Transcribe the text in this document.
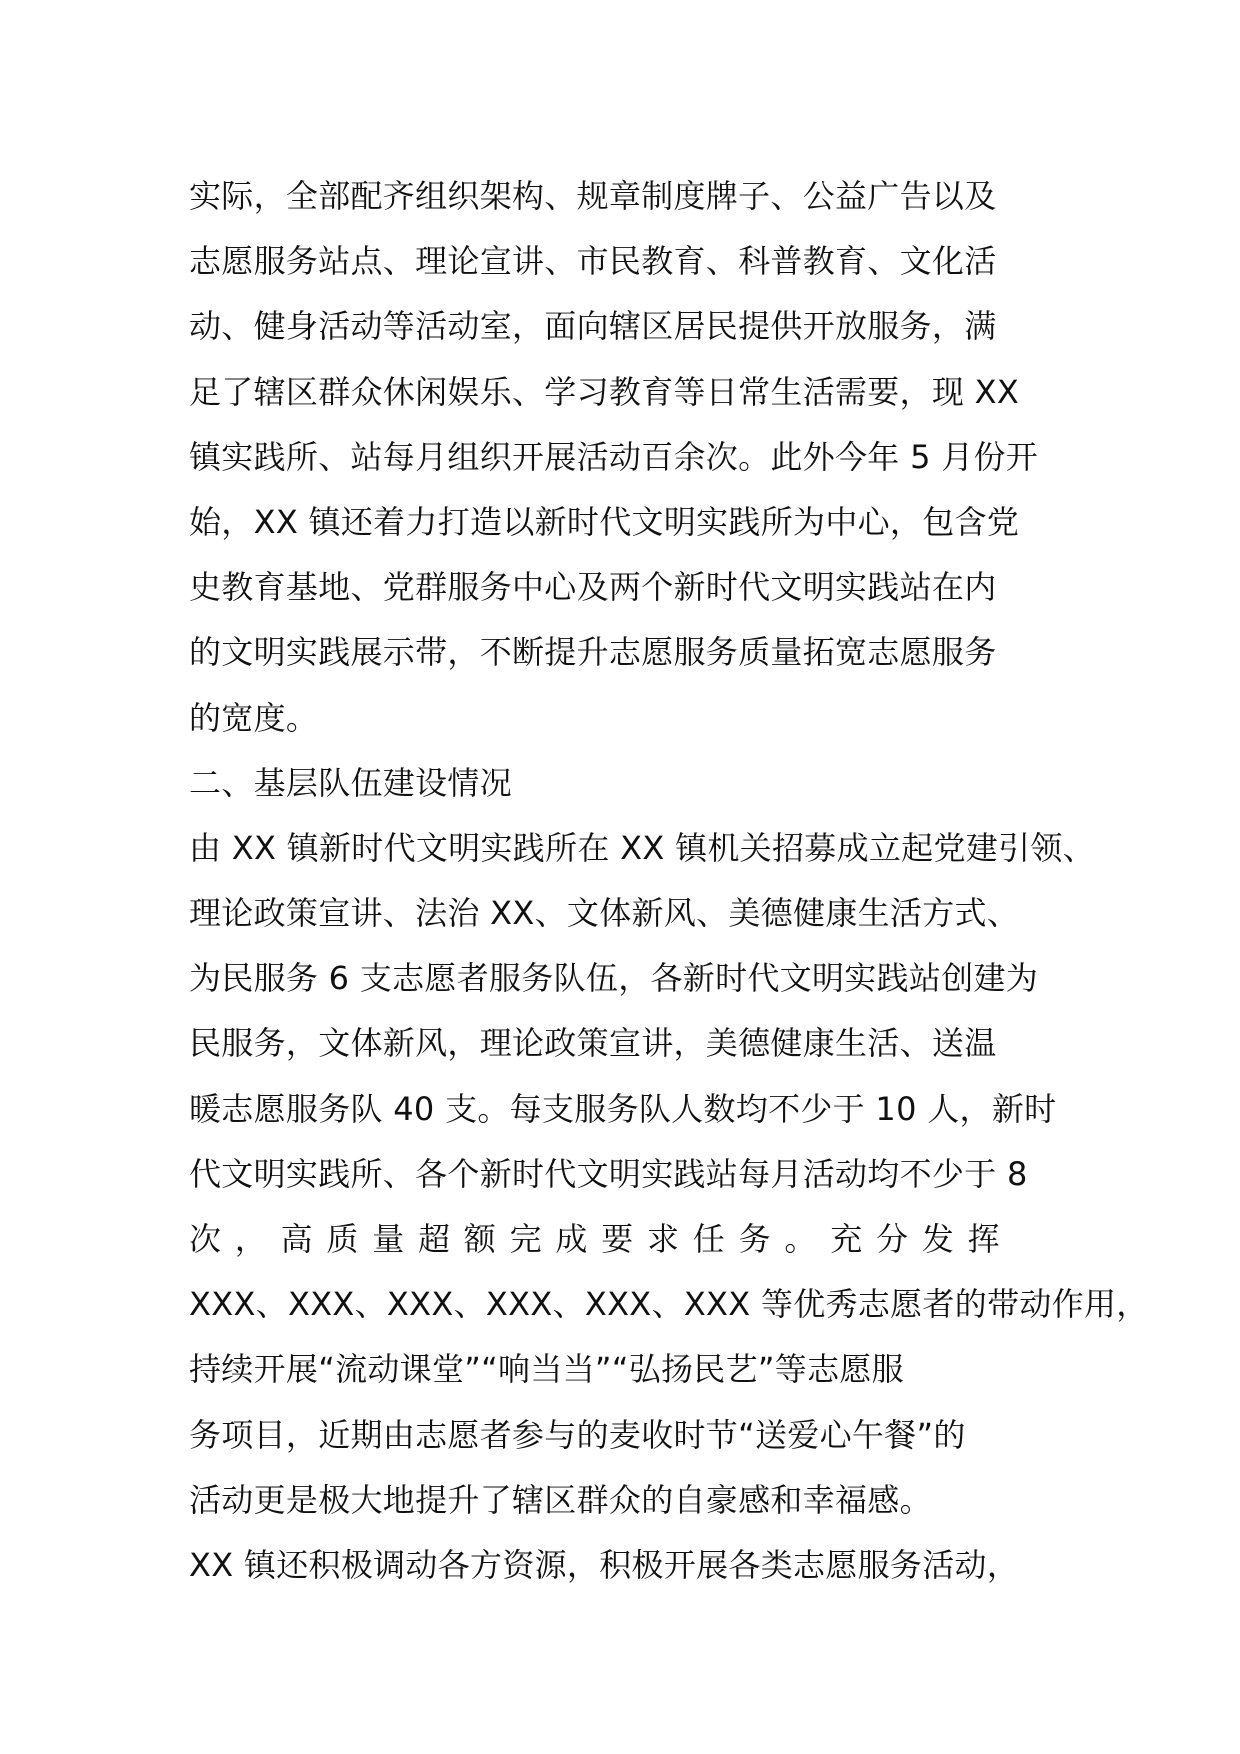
实际，全部配齐组织架构、规章制度牌子、公益广告以及
志愿服务站点、理论宣讲、市民教育、科普教育、文化活
动、健身活动等活动室，面向辖区居民提供开放服务，满
足了辖区群众休闲娱乐、学习教育等日常生活需要，现 XX
镇实践所、站每月组织开展活动百余次。此外今年 5 月份开
始，XX 镇还着力打造以新时代文明实践所为中心，包含党
史教育基地、党群服务中心及两个新时代文明实践站在内
的文明实践展示带，不断提升志愿服务质量拓宽志愿服务
的宽度。
二、基层队伍建设情况
由 XX 镇新时代文明实践所在 XX 镇机关招募成立起党建引领、
理论政策宣讲、法治 XX、文体新风、美德健康生活方式、
为民服务 6 支志愿者服务队伍，各新时代文明实践站创建为
民服务，文体新风，理论政策宣讲，美德健康生活、送温
暖志愿服务队 40 支。每支服务队人数均不少于 10 人，新时
代文明实践所、各个新时代文明实践站每月活动均不少于 8
次，高质量超额完成要求任务。充分发挥
XXX、XXX、XXX、XXX、XXX、XXX 等优秀志愿者的带动作用，
持续开展“流动课堂”“响当当”“弘扬民艺”等志愿服
务项目，近期由志愿者参与的麦收时节“送爱心午餐”的
活动更是极大地提升了辖区群众的自豪感和幸福感。
XX 镇还积极调动各方资源，积极开展各类志愿服务活动，
